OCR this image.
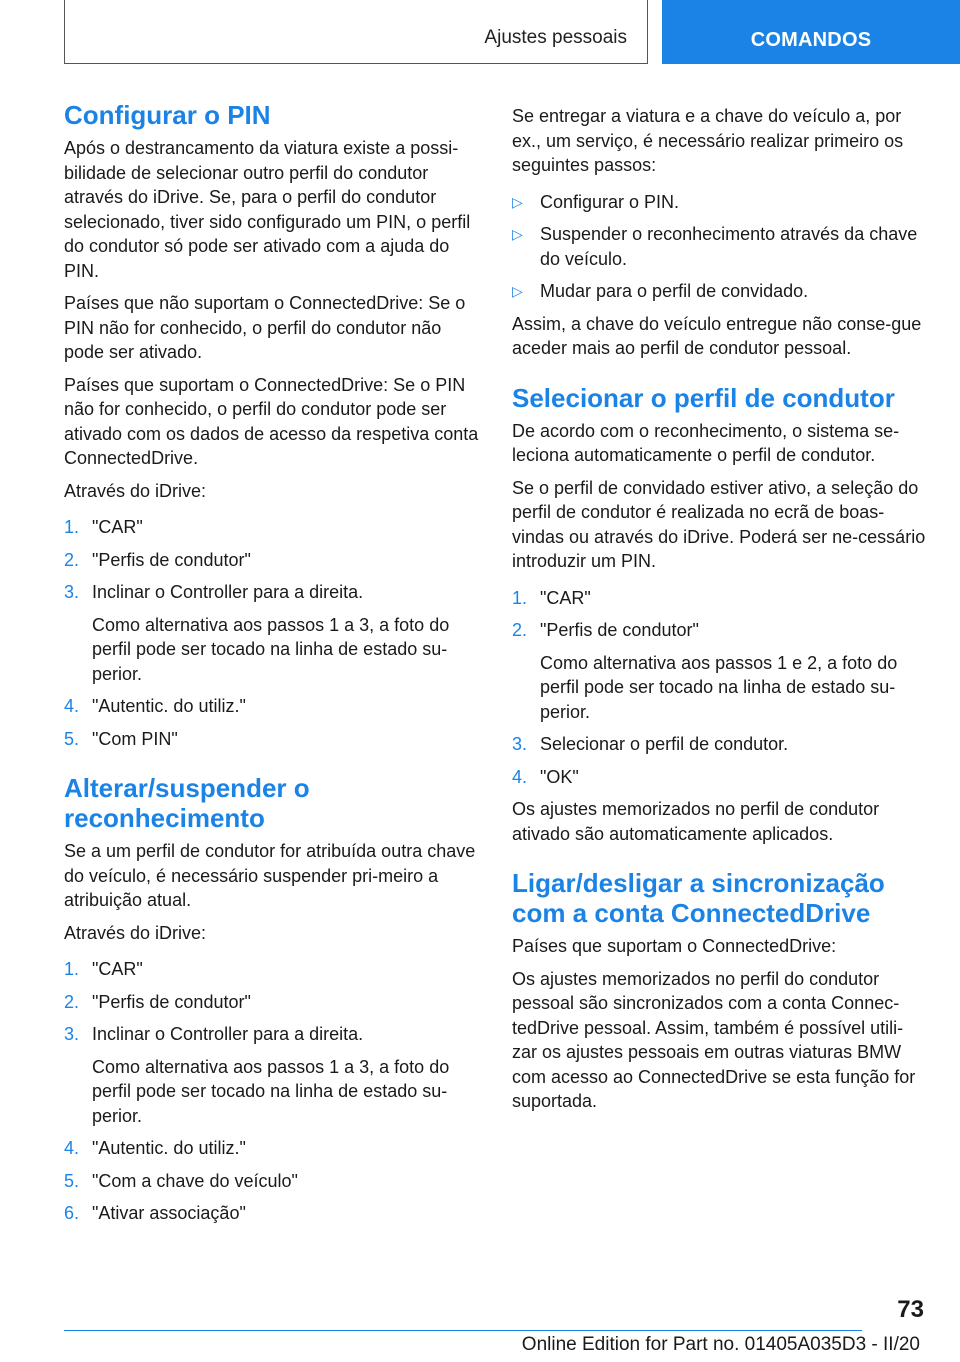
Ajustes pessoais	COMANDOS
Configurar o PIN

Após o destrancamento da viatura existe a possi-bilidade de selecionar outro perfil do condutor através do iDrive. Se, para o perfil do condutor selecionado, tiver sido configurado um PIN, o perfil do condutor só pode ser ativado com a ajuda do PIN.

Países que não suportam o ConnectedDrive: Se o PIN não for conhecido, o perfil do condutor não pode ser ativado.

Países que suportam o ConnectedDrive: Se o PIN não for conhecido, o perfil do condutor pode ser ativado com os dados de acesso da respetiva conta ConnectedDrive.

Através do iDrive:

1. "CAR"
2. "Perfis de condutor"
3. Inclinar o Controller para a direita.
Como alternativa aos passos 1 a 3, a foto do perfil pode ser tocado na linha de estado su-perior.
4. "Autentic. do utiliz."
5. "Com PIN"
Alterar/suspender o reconhecimento

Se a um perfil de condutor for atribuída outra chave do veículo, é necessário suspender pri-meiro a atribuição atual.

Através do iDrive:

1. "CAR"
2. "Perfis de condutor"
3. Inclinar o Controller para a direita.
Como alternativa aos passos 1 a 3, a foto do perfil pode ser tocado na linha de estado su-perior.
4. "Autentic. do utiliz."
5. "Com a chave do veículo"
6. "Ativar associação"

Se entregar a viatura e a chave do veículo a, por ex., um serviço, é necessário realizar primeiro os seguintes passos:

▷ Configurar o PIN.
▷ Suspender o reconhecimento através da chave do veículo.
▷ Mudar para o perfil de convidado.

Assim, a chave do veículo entregue não conse-gue aceder mais ao perfil de condutor pessoal.

Selecionar o perfil de condutor

De acordo com o reconhecimento, o sistema se-leciona automaticamente o perfil de condutor.

Se o perfil de convidado estiver ativo, a seleção do perfil de condutor é realizada no ecrã de boas-vindas ou através do iDrive. Poderá ser ne-cessário introduzir um PIN.

1. "CAR"
2. "Perfis de condutor"
Como alternativa aos passos 1 e 2, a foto do perfil pode ser tocado na linha de estado su-perior.
3. Selecionar o perfil de condutor.
4. "OK"

Os ajustes memorizados no perfil de condutor ativado são automaticamente aplicados.

Ligar/desligar a sincronização com a conta ConnectedDrive

Países que suportam o ConnectedDrive:

Os ajustes memorizados no perfil do condutor pessoal são sincronizados com a conta Connec-tedDrive pessoal. Assim, também é possível utili-zar os ajustes pessoais em outras viaturas BMW com acesso ao ConnectedDrive se esta função for suportada.

73
Online Edition for Part no. 01405A035D3 - II/20
